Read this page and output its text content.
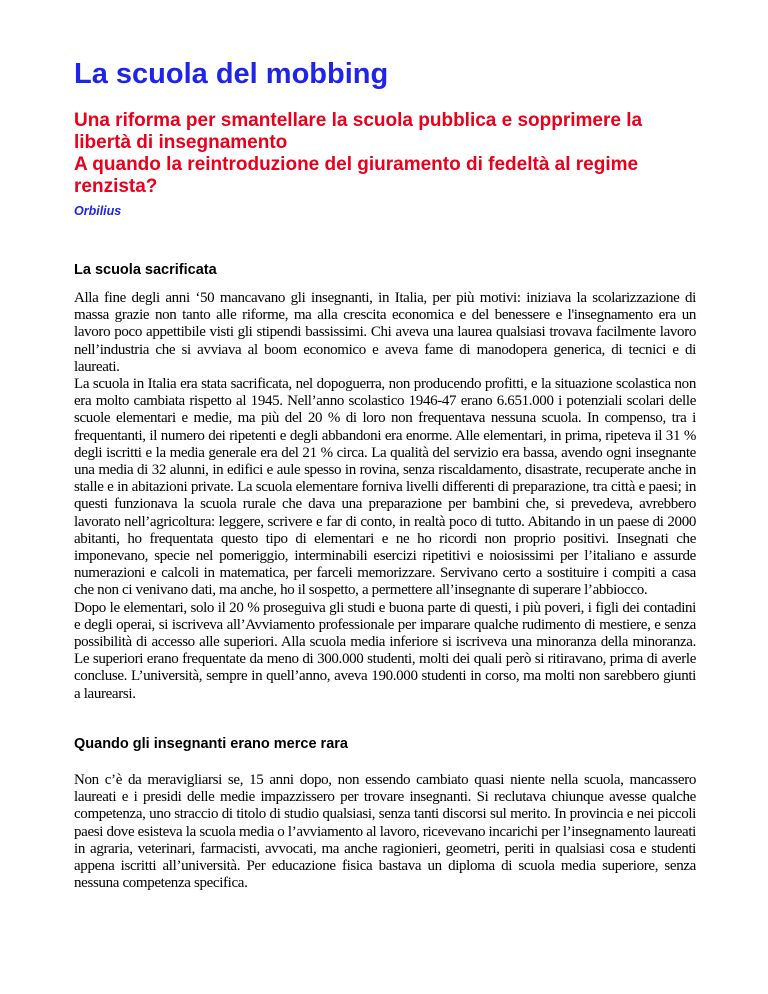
La scuola del mobbing
Una riforma per smantellare la scuola pubblica e sopprimere la libertà di insegnamento
A quando la reintroduzione del giuramento di fedeltà al regime renzista?
Orbilius
La scuola sacrificata
Alla fine degli anni ‘50 mancavano gli insegnanti, in Italia, per più motivi: iniziava la scolarizzazione di massa grazie non tanto alle riforme, ma alla crescita economica e del benessere e l'insegnamento era un lavoro poco appettibile visti gli stipendi bassissimi. Chi aveva una laurea qualsiasi trovava facilmente lavoro nell’industria che si avviava al boom economico e aveva fame di manodopera generica, di tecnici e di laureati.
La scuola in Italia era stata sacrificata, nel dopoguerra, non producendo profitti, e la situazione scolastica non era molto cambiata rispetto al 1945. Nell’anno scolastico 1946-47 erano 6.651.000 i potenziali scolari delle scuole elementari e medie, ma più del 20 % di loro non frequentava nessuna scuola. In compenso, tra i frequentanti, il numero dei ripetenti e degli abbandoni era enorme. Alle elementari, in prima, ripeteva il 31 % degli iscritti e la media generale era del 21 % circa. La qualità del servizio era bassa, avendo ogni insegnante una media di 32 alunni, in edifici e aule spesso in rovina, senza riscaldamento, disastrate, recuperate anche in stalle e in abitazioni private. La scuola elementare forniva livelli differenti di preparazione, tra città e paesi; in questi funzionava la scuola rurale che dava una preparazione per bambini che, si prevedeva, avrebbero lavorato nell’agricoltura: leggere, scrivere e far di conto, in realtà poco di tutto. Abitando in un paese di 2000 abitanti, ho frequentata questo tipo di elementari e ne ho ricordi non proprio positivi. Insegnati che imponevano, specie nel pomeriggio, interminabili esercizi ripetitivi e noiosissimi per l’italiano e assurde numerazioni e calcoli in matematica, per farceli memorizzare. Servivano certo a sostituire i compiti a casa che non ci venivano dati, ma anche, ho il sospetto, a permettere all’insegnante di superare l’abbiocco.
Dopo le elementari, solo il 20 % proseguiva gli studi e buona parte di questi, i più poveri, i figli dei contadini e degli operai, si iscriveva all’Avviamento professionale per imparare qualche rudimento di mestiere, e senza possibilità di accesso alle superiori. Alla scuola media inferiore si iscriveva una minoranza della minoranza. Le superiori erano frequentate da meno di 300.000 studenti, molti dei quali però si ritiravano, prima di averle concluse. L’università, sempre in quell’anno, aveva 190.000 studenti in corso, ma molti non sarebbero giunti a laurearsi.
Quando gli insegnanti erano merce rara
Non c’è da meravigliarsi se, 15 anni dopo, non essendo cambiato quasi niente nella scuola, mancassero laureati e i presidi delle medie impazzissero per trovare insegnanti. Si reclutava chiunque avesse qualche competenza, uno straccio di titolo di studio qualsiasi, senza tanti discorsi sul merito. In provincia e nei piccoli paesi dove esisteva la scuola media o l’avviamento al lavoro, ricevevano incarichi per l’insegnamento laureati in agraria, veterinari, farmacisti, avvocati, ma anche ragionieri, geometri, periti in qualsiasi cosa e studenti appena iscritti all’università. Per educazione fisica bastava un diploma di scuola media superiore, senza nessuna competenza specifica.
